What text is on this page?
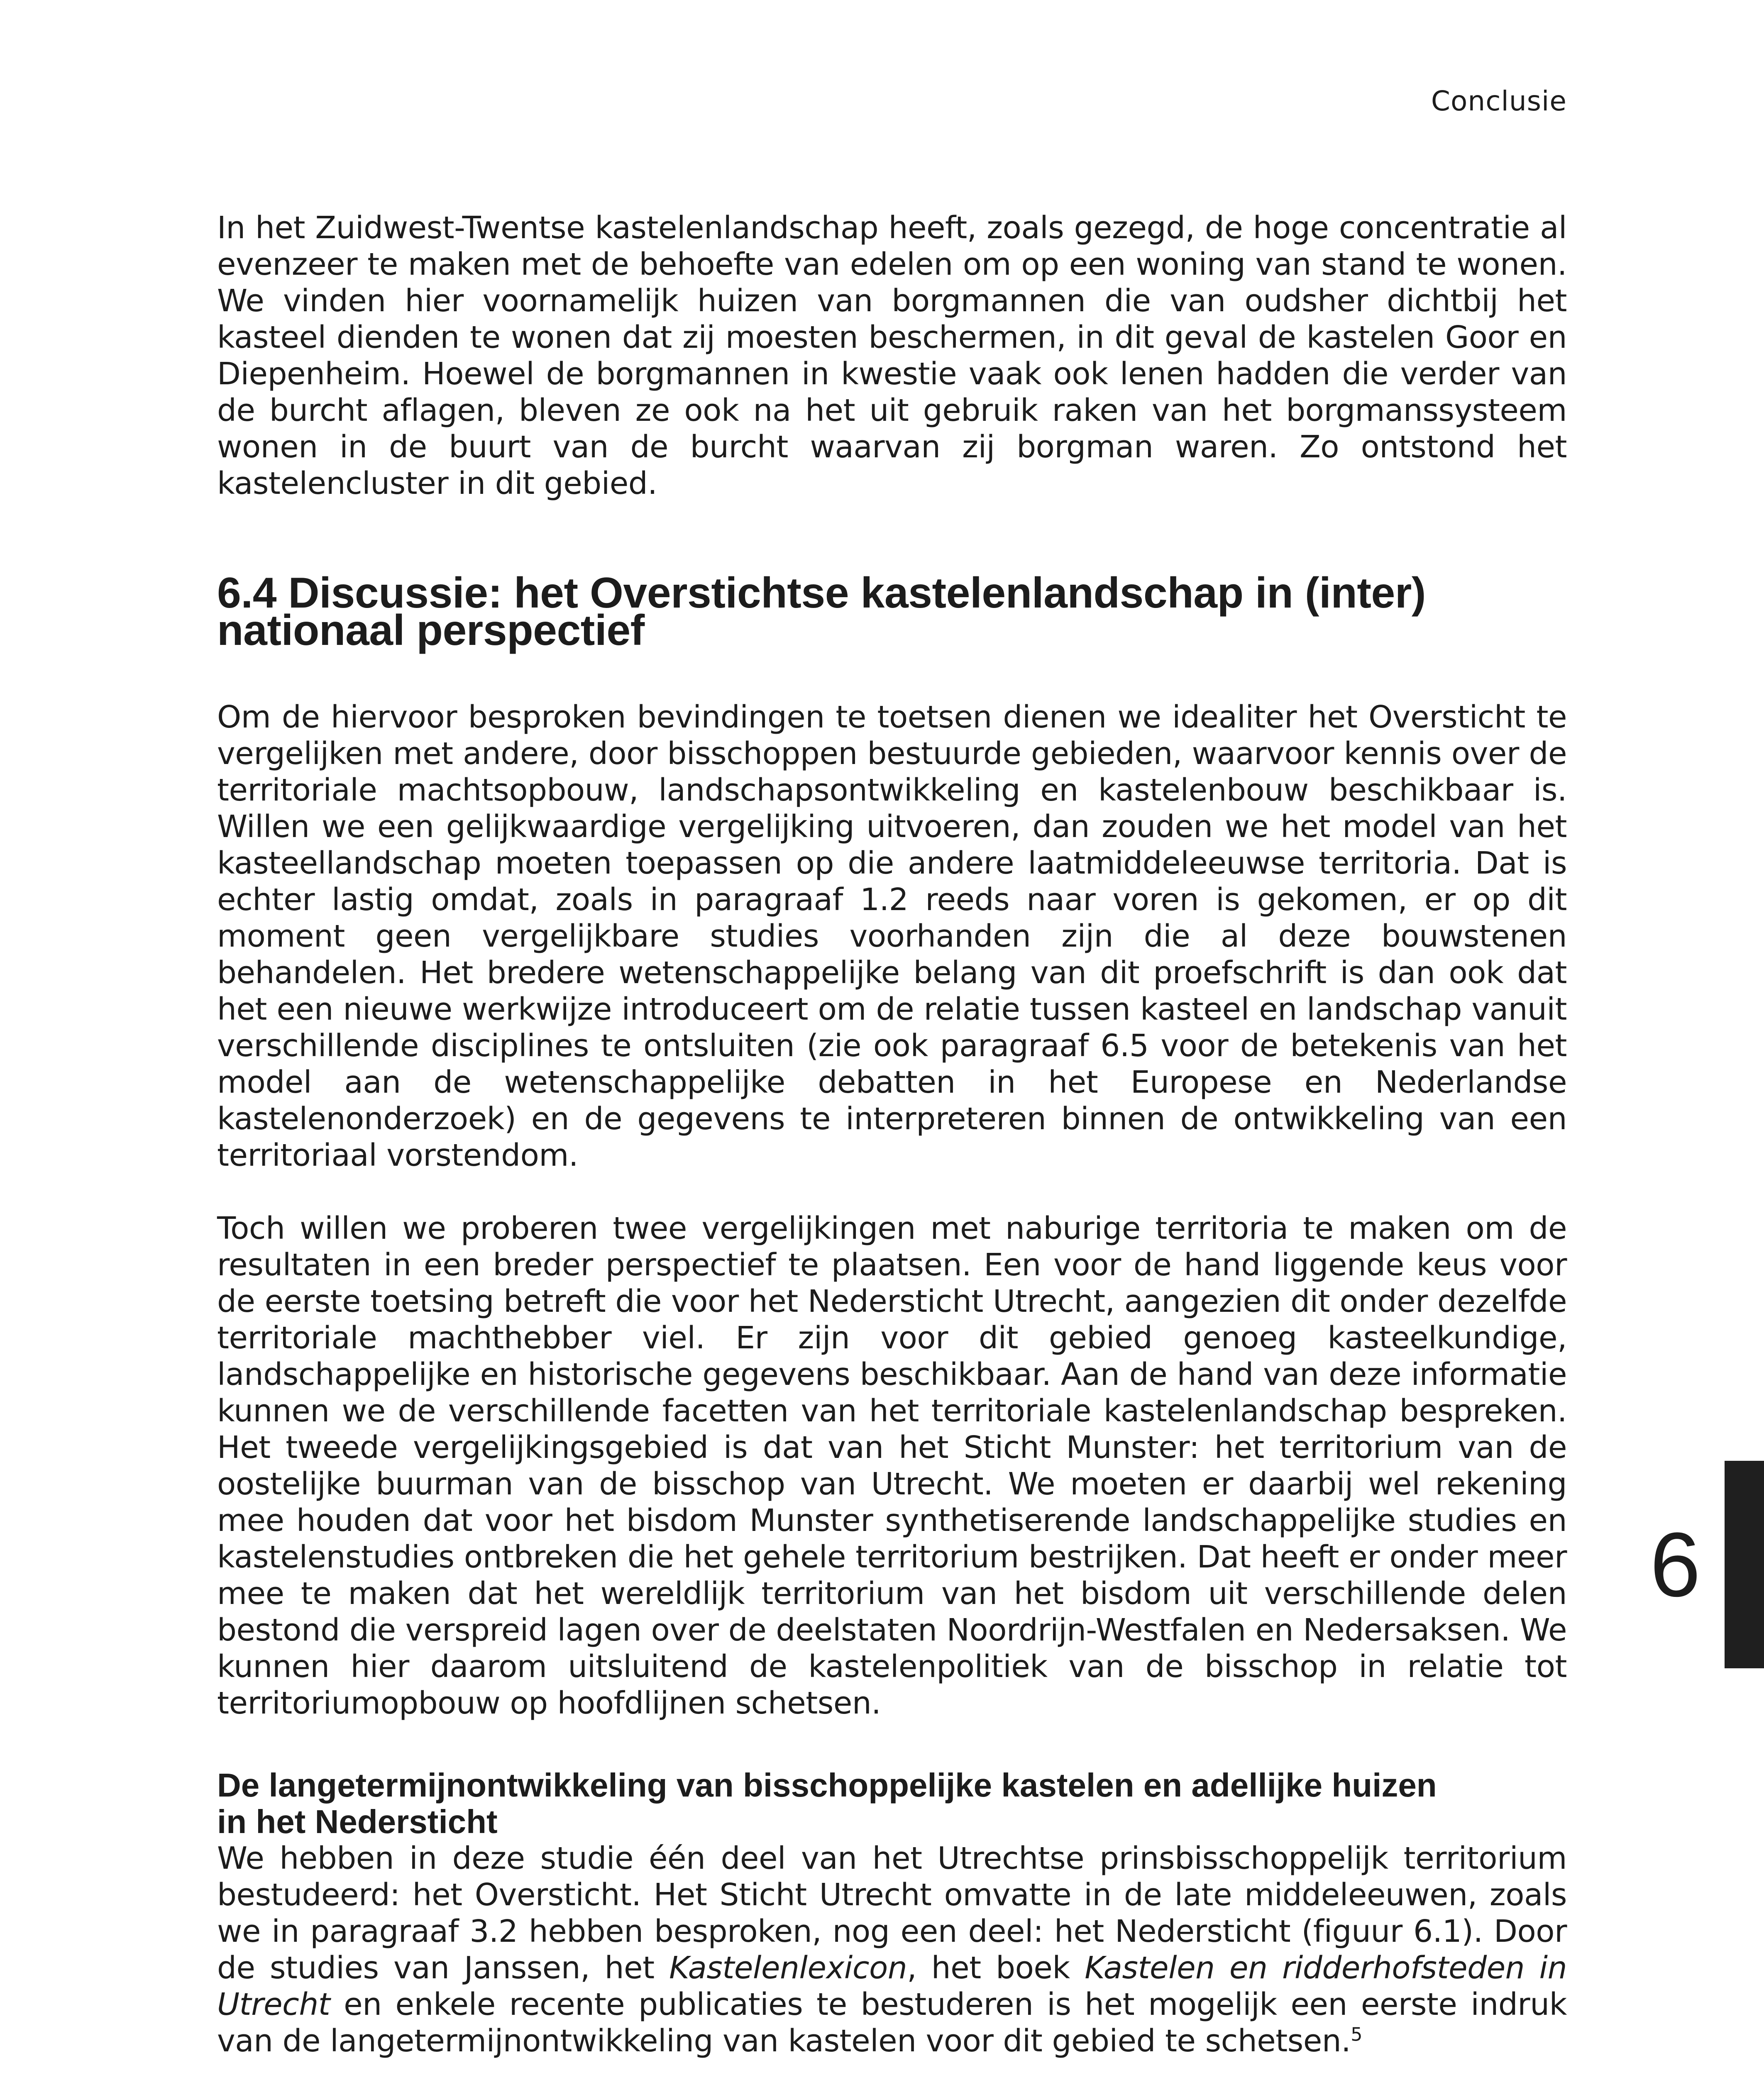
Conclusie

In het Zuidwest-Twentse kastelenlandschap heeft, zoals gezegd, de hoge concentratie al evenzeer te maken met de behoefte van edelen om op een woning van stand te wonen. We vinden hier voornamelijk huizen van borgmannen die van oudsher dichtbij het kasteel dienden te wonen dat zij moesten beschermen, in dit geval de kastelen Goor en Diepenheim. Hoewel de borgmannen in kwestie vaak ook lenen hadden die verder van de burcht aflagen, bleven ze ook na het uit gebruik raken van het borgmanssysteem wonen in de buurt van de burcht waarvan zij borgman waren. Zo ontstond het kastelencluster in dit gebied.

6.4 Discussie: het Overstichtse kastelenlandschap in (inter)
nationaal perspectief

Om de hiervoor besproken bevindingen te toetsen dienen we idealiter het Oversticht te vergelijken met andere, door bisschoppen bestuurde gebieden, waarvoor kennis over de territoriale machtsopbouw, landschapsontwikkeling en kastelenbouw beschikbaar is. Willen we een gelijkwaardige vergelijking uitvoeren, dan zouden we het model van het kasteellandschap moeten toepassen op die andere laatmiddeleeuwse territoria. Dat is echter lastig omdat, zoals in paragraaf 1.2 reeds naar voren is gekomen, er op dit moment geen vergelijkbare studies voorhanden zijn die al deze bouwstenen behandelen. Het bredere wetenschappelijke belang van dit proefschrift is dan ook dat het een nieuwe werkwijze introduceert om de relatie tussen kasteel en landschap vanuit verschillende disciplines te ontsluiten (zie ook paragraaf 6.5 voor de betekenis van het model aan de wetenschappelijke debatten in het Europese en Nederlandse kastelenonderzoek) en de gegevens te interpreteren binnen de ontwikkeling van een territoriaal vorstendom.

Toch willen we proberen twee vergelijkingen met naburige territoria te maken om de resultaten in een breder perspectief te plaatsen. Een voor de hand liggende keus voor de eerste toetsing betreft die voor het Nedersticht Utrecht, aangezien dit onder dezelfde territoriale machthebber viel. Er zijn voor dit gebied genoeg kasteelkundige, landschappelijke en historische gegevens beschikbaar. Aan de hand van deze informatie kunnen we de verschillende facetten van het territoriale kastelenlandschap bespreken. Het tweede vergelijkingsgebied is dat van het Sticht Munster: het territorium van de oostelijke buurman van de bisschop van Utrecht. We moeten er daarbij wel rekening mee houden dat voor het bisdom Munster synthetiserende landschappelijke studies en kastelenstudies ontbreken die het gehele territorium bestrijken. Dat heeft er onder meer mee te maken dat het wereldlijk territorium van het bisdom uit verschillende delen bestond die verspreid lagen over de deelstaten Noordrijn-Westfalen en Nedersaksen. We kunnen hier daarom uitsluitend de kastelenpolitiek van de bisschop in relatie tot territoriumopbouw op hoofdlijnen schetsen.

De langetermijnontwikkeling van bisschoppelijke kastelen en adellijke huizen
in het Nedersticht

We hebben in deze studie één deel van het Utrechtse prinsbisschoppelijk territorium bestudeerd: het Oversticht. Het Sticht Utrecht omvatte in de late middeleeuwen, zoals we in paragraaf 3.2 hebben besproken, nog een deel: het Nedersticht (figuur 6.1). Door de studies van Janssen, het Kastelenlexicon, het boek Kastelen en ridderhofsteden in Utrecht en enkele recente publicaties te bestuderen is het mogelijk een eerste indruk van de langetermijnontwikkeling van kastelen voor dit gebied te schetsen.$^5$

6
